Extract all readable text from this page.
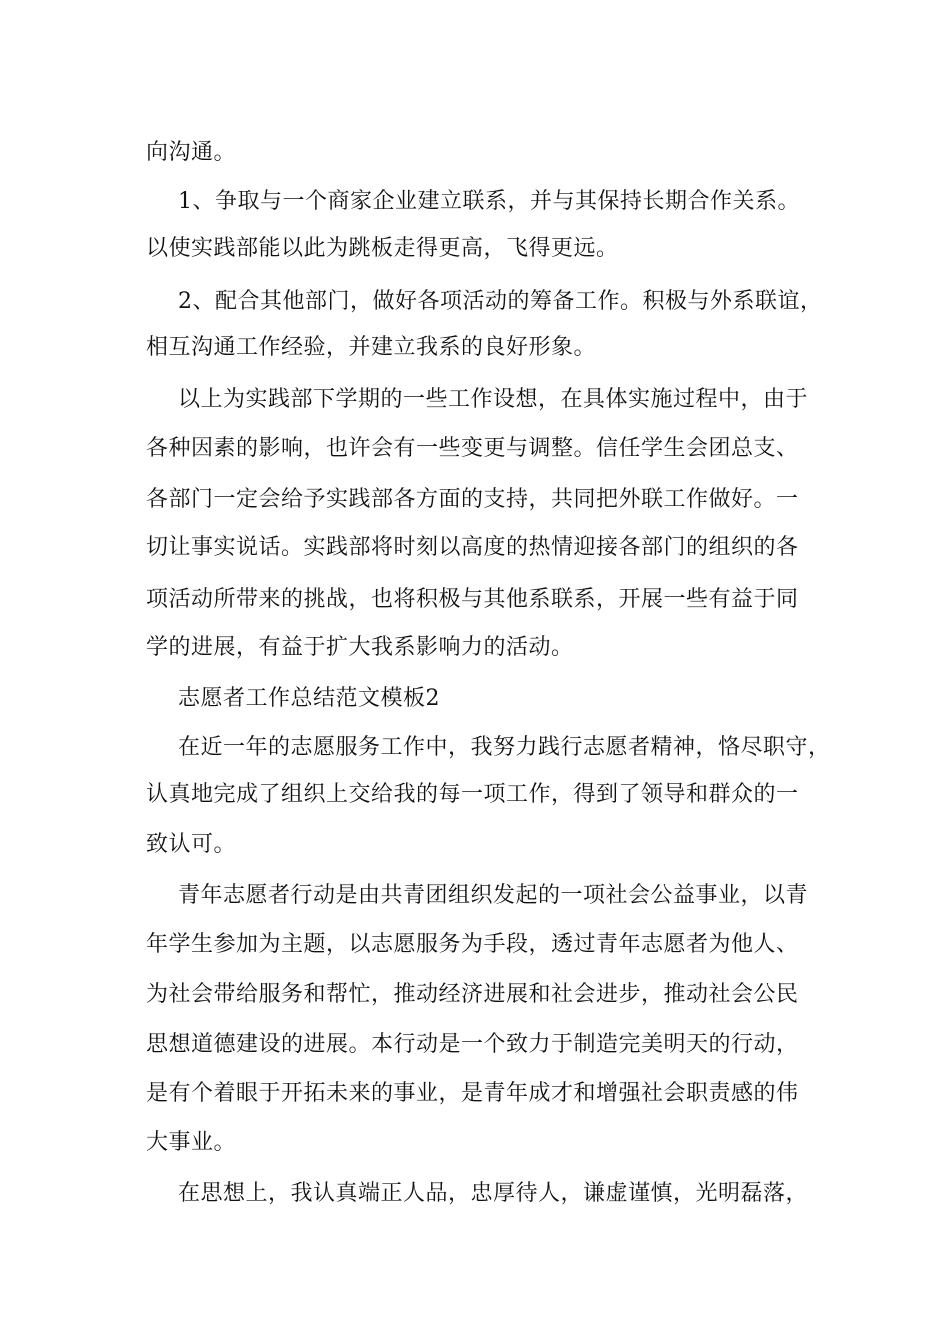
向沟通。
1、争取与一个商家企业建立联系，并与其保持长期合作关系。
以使实践部能以此为跳板走得更高，飞得更远。
2、配合其他部门，做好各项活动的筹备工作。积极与外系联谊，
相互沟通工作经验，并建立我系的良好形象。
以上为实践部下学期的一些工作设想，在具体实施过程中，由于
各种因素的影响，也许会有一些变更与调整。信任学生会团总支、
各部门一定会给予实践部各方面的支持，共同把外联工作做好。一
切让事实说话。实践部将时刻以高度的热情迎接各部门的组织的各
项活动所带来的挑战，也将积极与其他系联系，开展一些有益于同
学的进展，有益于扩大我系影响力的活动。
志愿者工作总结范文模板2
在近一年的志愿服务工作中，我努力践行志愿者精神，恪尽职守，
认真地完成了组织上交给我的每一项工作，得到了领导和群众的一
致认可。
青年志愿者行动是由共青团组织发起的一项社会公益事业，以青
年学生参加为主题，以志愿服务为手段，透过青年志愿者为他人、
为社会带给服务和帮忙，推动经济进展和社会进步，推动社会公民
思想道德建设的进展。本行动是一个致力于制造完美明天的行动，
是有个着眼于开拓未来的事业，是青年成才和增强社会职责感的伟
大事业。
在思想上，我认真端正人品，忠厚待人，谦虚谨慎，光明磊落，
